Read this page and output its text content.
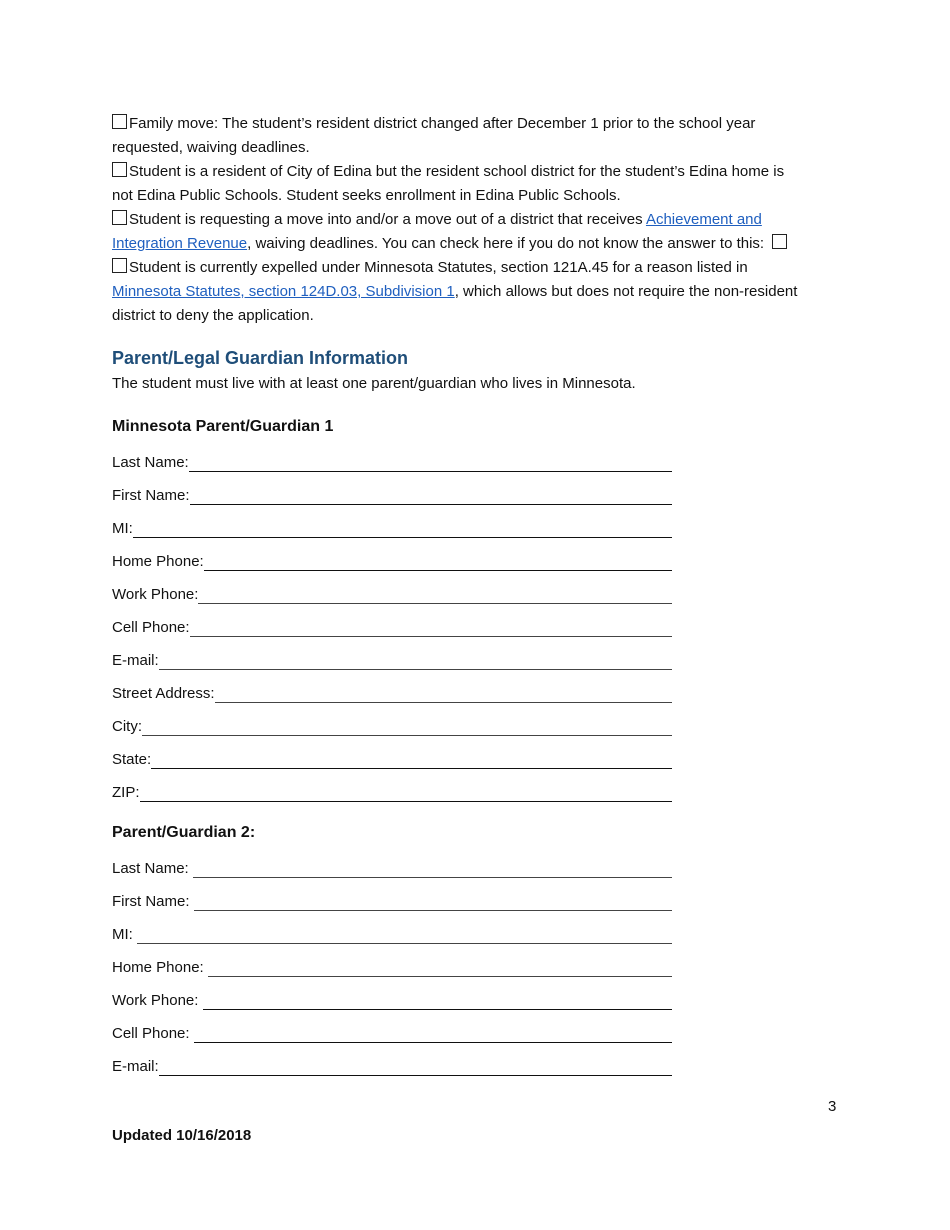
Family move: The student’s resident district changed after December 1 prior to the school year
requested, waiving deadlines.
Student is a resident of City of Edina but the resident school district for the student’s Edina home is
not Edina Public Schools. Student seeks enrollment in Edina Public Schools.
Student is requesting a move into and/or a move out of a district that receives Achievement and
Integration Revenue, waiving deadlines. You can check here if you do not know the answer to this:
Student is currently expelled under Minnesota Statutes, section 121A.45 for a reason listed in
Minnesota Statutes, section 124D.03, Subdivision 1, which allows but does not require the non-resident
district to deny the application.
Parent/Legal Guardian Information
The student must live with at least one parent/guardian who lives in Minnesota.
Minnesota Parent/Guardian 1
Last Name:
First Name:
MI:
Home Phone:
Work Phone:
Cell Phone:
E-mail:
Street Address:
City:
State:
ZIP:
Parent/Guardian 2:
Last Name:
First Name:
MI:
Home Phone:
Work Phone:
Cell Phone:
E-mail:
3
Updated 10/16/2018
